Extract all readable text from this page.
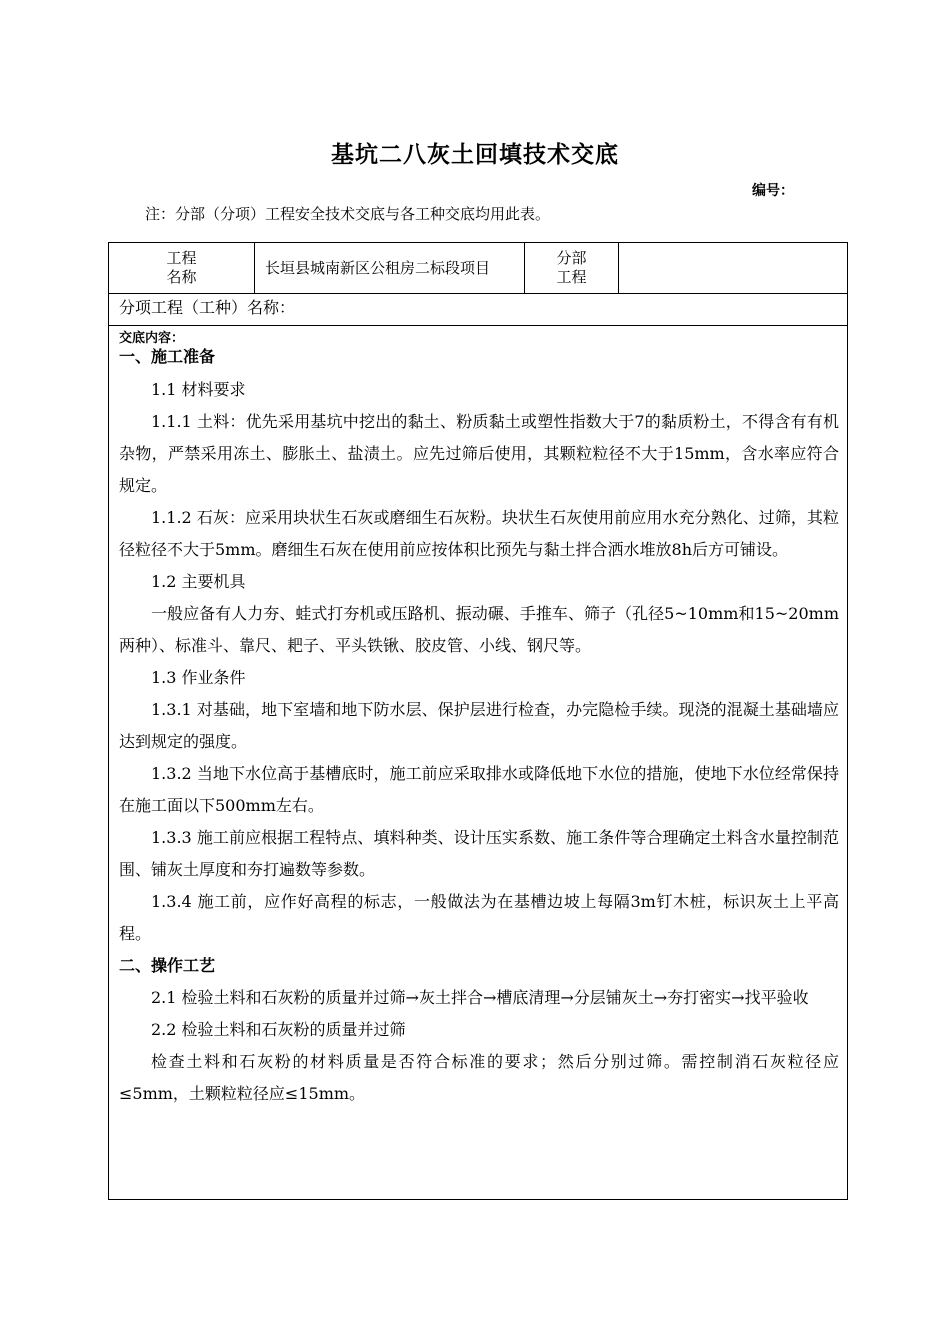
基坑二八灰土回填技术交底
编号：
注：分部（分项）工程安全技术交底与各工种交底均用此表。
工程
名称
长垣县城南新区公租房二标段项目
分部
工程
分项工程（工种）名称：
交底内容：
一、施工准备
1.1 材料要求
1.1.1 土料：优先采用基坑中挖出的黏土、粉质黏土或塑性指数大于7的黏质粉土，不得含有有机杂物，严禁采用冻土、膨胀土、盐渍土。应先过筛后使用，其颗粒粒径不大于15mm，含水率应符合规定。
1.1.2 石灰：应采用块状生石灰或磨细生石灰粉。块状生石灰使用前应用水充分熟化、过筛，其粒径粒径不大于5mm。磨细生石灰在使用前应按体积比预先与黏土拌合洒水堆放8h后方可铺设。
1.2 主要机具
一般应备有人力夯、蛙式打夯机或压路机、振动碾、手推车、筛子（孔径5~10mm和15~20mm两种）、标准斗、靠尺、耙子、平头铁锹、胶皮管、小线、钢尺等。
1.3 作业条件
1.3.1 对基础，地下室墙和地下防水层、保护层进行检查，办完隐检手续。现浇的混凝土基础墙应达到规定的强度。
1.3.2 当地下水位高于基槽底时，施工前应采取排水或降低地下水位的措施，使地下水位经常保持在施工面以下500mm左右。
1.3.3 施工前应根据工程特点、填料种类、设计压实系数、施工条件等合理确定土料含水量控制范围、铺灰土厚度和夯打遍数等参数。
1.3.4 施工前，应作好高程的标志，一般做法为在基槽边坡上每隔3m钉木桩，标识灰土上平高程。
二、操作工艺
2.1 检验土料和石灰粉的质量并过筛→灰土拌合→槽底清理→分层铺灰土→夯打密实→找平验收
2.2 检验土料和石灰粉的质量并过筛
检查土料和石灰粉的材料质量是否符合标准的要求；然后分别过筛。需控制消石灰粒径应≤5mm，土颗粒粒径应≤15mm。
